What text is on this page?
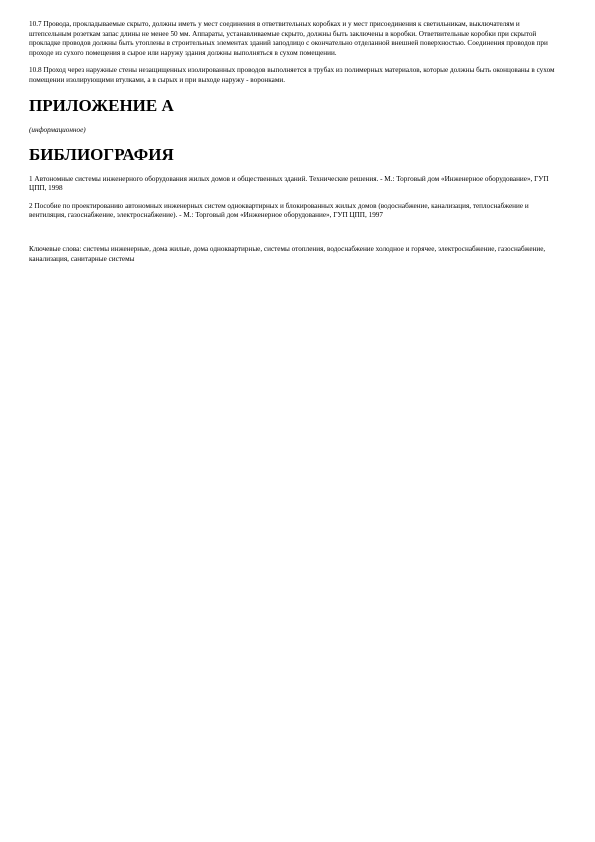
10.7 Провода, прокладываемые скрыто, должны иметь у мест соединения в ответвительных коробках и у мест присоединения к светильникам, выключателям и штепсельным розеткам запас длины не менее 50 мм. Аппараты, устанавливаемые скрыто, должны быть заключены в коробки. Ответвительные коробки при скрытой прокладке проводов должны быть утоплены в строительных элементах зданий заподлицо с окончательно отделанной внешней поверхностью. Соединения проводов при проходе из сухого помещения в сырое или наружу здания должны выполняться в сухом помещении.

10.8 Проход через наружные стены незащищенных изолированных проводов выполняется в трубах из полимерных материалов, которые должны быть оконцованы в сухом помещении изолирующими втулками, а в сырых и при выходе наружу - воронками.

ПРИЛОЖЕНИЕ А

(информационное)

БИБЛИОГРАФИЯ

1 Автономные системы инженерного оборудования жилых домов и общественных зданий. Технические решения. - М.: Торговый дом «Инженерное оборудование», ГУП ЦПП, 1998

2 Пособие по проектированию автономных инженерных систем одноквартирных и блокированных жилых домов (водоснабжение, канализация, теплоснабжение и вентиляция, газоснабжение, электроснабжение). - М.: Торговый дом «Инженерное оборудование», ГУП ЦПП, 1997

Ключевые слова: системы инженерные, дома жилые, дома одноквартирные, системы отопления, водоснабжение холодное и горячее, электроснабжение, газоснабжение, канализация, санитарные системы
